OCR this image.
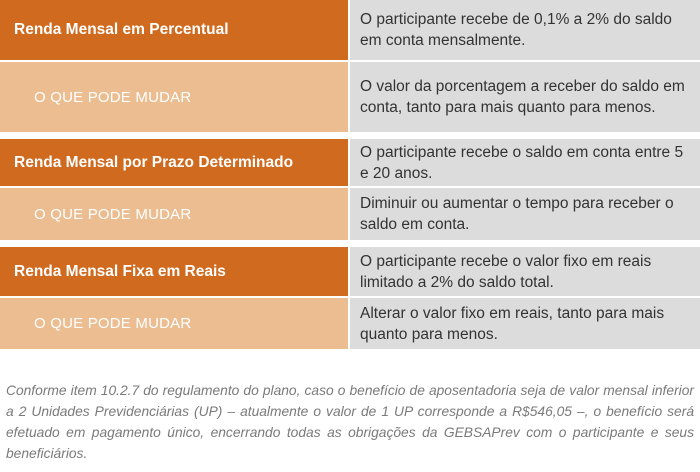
Renda Mensal em Percentual
O participante recebe de 0,1% a 2% do saldo em conta mensalmente.
O QUE PODE MUDAR
O valor da porcentagem a receber do saldo em conta, tanto para mais quanto para menos.
Renda Mensal por Prazo Determinado
O participante recebe o saldo em conta entre 5 e 20 anos.
O QUE PODE MUDAR
Diminuir ou aumentar o tempo para receber o saldo em conta.
Renda Mensal Fixa em Reais
O participante recebe o valor fixo em reais limitado a 2% do saldo total.
O QUE PODE MUDAR
Alterar o valor fixo em reais, tanto para mais quanto para menos.
Conforme item 10.2.7 do regulamento do plano, caso o benefício de aposentadoria seja de valor mensal inferior a 2 Unidades Previdenciárias (UP) – atualmente o valor de 1 UP corresponde a R$546,05 –, o benefício será efetuado em pagamento único, encerrando todas as obrigações da GEBSAPrev com o participante e seus beneficiários.
